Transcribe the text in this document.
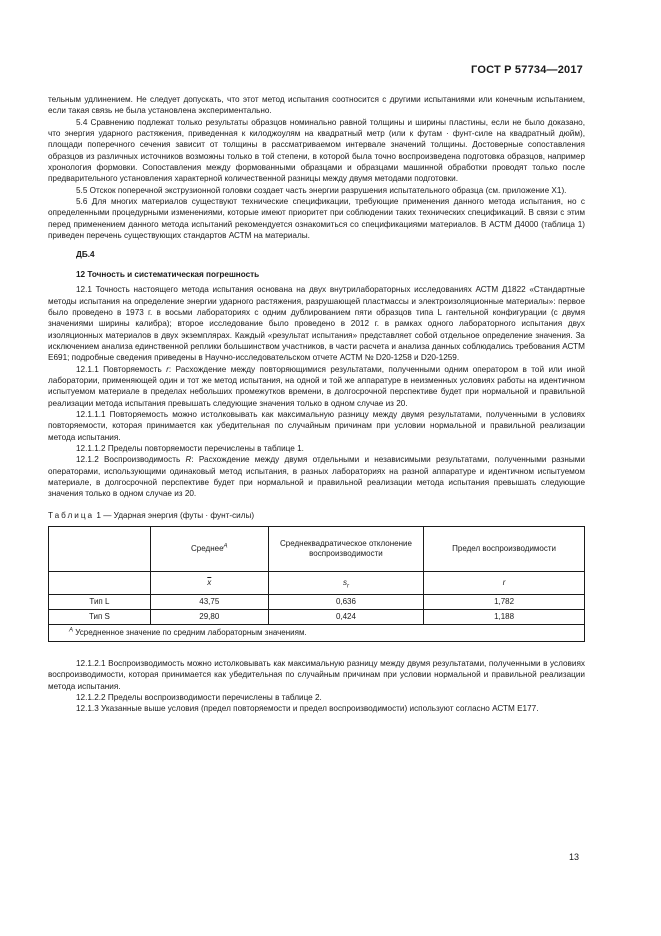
ГОСТ Р 57734—2017

тельным удлинением. Не следует допускать, что этот метод испытания соотносится с другими испытаниями или конечным испытанием, если такая связь не была установлена экспериментально.

5.4 Сравнению подлежат только результаты образцов номинально равной толщины и ширины пластины, если не было доказано, что энергия ударного растяжения, приведенная к килоджоулям на квадратный метр (или к футам · фунт-силе на квадратный дюйм), площади поперечного сечения зависит от толщины в рассматриваемом интервале значений толщины. Достоверные сопоставления образцов из различных источников возможны только в той степени, в которой была точно воспроизведена подготовка образцов, например хронология формовки. Сопоставления между формованными образцами и образцами машинной обработки проводят только после предварительного установления характерной количественной разницы между двумя методами подготовки.

5.5 Отскок поперечной экструзионной головки создает часть энергии разрушения испытательного образца (см. приложение X1).

5.6 Для многих материалов существуют технические спецификации, требующие применения данного метода испытания, но с определенными процедурными изменениями, которые имеют приоритет при соблюдении таких технических спецификаций. В связи с этим перед применением данного метода испытаний рекомендуется ознакомиться со спецификациями материалов. В АСТМ Д4000 (таблица 1) приведен перечень существующих стандартов АСТМ на материалы.

ДБ.4

12 Точность и систематическая погрешность

12.1 Точность настоящего метода испытания основана на двух внутрилабораторных исследованиях АСТМ Д1822 «Стандартные методы испытания на определение энергии ударного растяжения, разрушающей пластмассы и электроизоляционные материалы»: первое было проведено в 1973 г. в восьми лабораториях с одним дублированием пяти образцов типа L гантельной конфигурации (с двумя значениями ширины калибра); второе исследование было проведено в 2012 г. в рамках одного лабораторного испытания двух изоляционных материалов в двух экземплярах. Каждый «результат испытания» представляет собой отдельное определение значения. За исключением анализа единственной реплики большинством участников, в части расчета и анализа данных соблюдались требования АСТМ Е691; подробные сведения приведены в Научно-исследовательском отчете АСТМ № D20-1258 и D20-1259.

12.1.1 Повторяемость r: Расхождение между повторяющимися результатами, полученными одним оператором в той или иной лаборатории, применяющей один и тот же метод испытания, на одной и той же аппаратуре в неизменных условиях работы на идентичном испытуемом материале в пределах небольших промежутков времени, в долгосрочной перспективе будет при нормальной и правильной реализации метода испытания превышать следующие значения только в одном случае из 20.

12.1.1.1 Повторяемость можно истолковывать как максимальную разницу между двумя результатами, полученными в условиях повторяемости, которая принимается как убедительная по случайным причинам при условии нормальной и правильной реализации метода испытания.

12.1.1.2 Пределы повторяемости перечислены в таблице 1.

12.1.2 Воспроизводимость R: Расхождение между двумя отдельными и независимыми результатами, полученными разными операторами, использующими одинаковый метод испытания, в разных лабораториях на разной аппаратуре и идентичном испытуемом материале, в долгосрочной перспективе будет при нормальной и правильной реализации метода испытания превышать следующие значения только в одном случае из 20.

Таблица 1 — Ударная энергия (футы · фунт-силы)

	Среднее$^A$	Среднеквадратическое отклонение воспроизводимости	Предел воспроизводимости
	$\overline{x}$	$s_r$	r
Тип L	43,75	0,636	1,782
Тип S	29,80	0,424	1,188
$^A$ Усредненное значение по средним лабораторным значениям.			

12.1.2.1 Воспроизводимость можно истолковывать как максимальную разницу между двумя результатами, полученными в условиях воспроизводимости, которая принимается как убедительная по случайным причинам при условии нормальной и правильной реализации метода испытания.

12.1.2.2 Пределы воспроизводимости перечислены в таблице 2.

12.1.3 Указанные выше условия (предел повторяемости и предел воспроизводимости) используют согласно АСТМ Е177.

13
